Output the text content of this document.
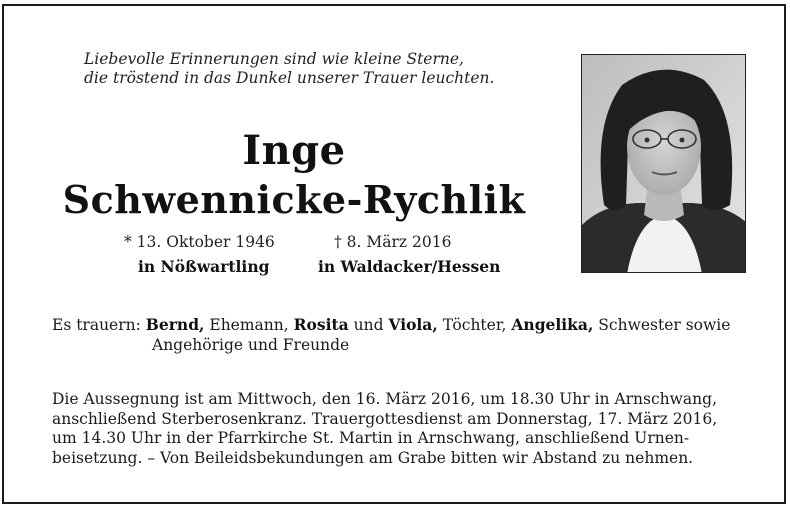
Liebevolle Erinnerungen sind wie kleine Sterne,
die tröstend in das Dunkel unserer Trauer leuchten.
Inge
Schwennicke-Rychlik
* 13. Oktober 1946	† 8. März 2016
in Nößwartling	in Waldacker/Hessen
Es trauern: Bernd, Ehemann, Rosita und Viola, Töchter, Angelika, Schwester sowie
Angehörige und Freunde
Die Aussegnung ist am Mittwoch, den 16. März 2016, um 18.30 Uhr in Arnschwang,
anschließend Sterberosenkranz. Trauergottesdienst am Donnerstag, 17. März 2016,
um 14.30 Uhr in der Pfarrkirche St. Martin in Arnschwang, anschließend Urnen-
beisetzung. – Von Beileidsbekundungen am Grabe bitten wir Abstand zu nehmen.
